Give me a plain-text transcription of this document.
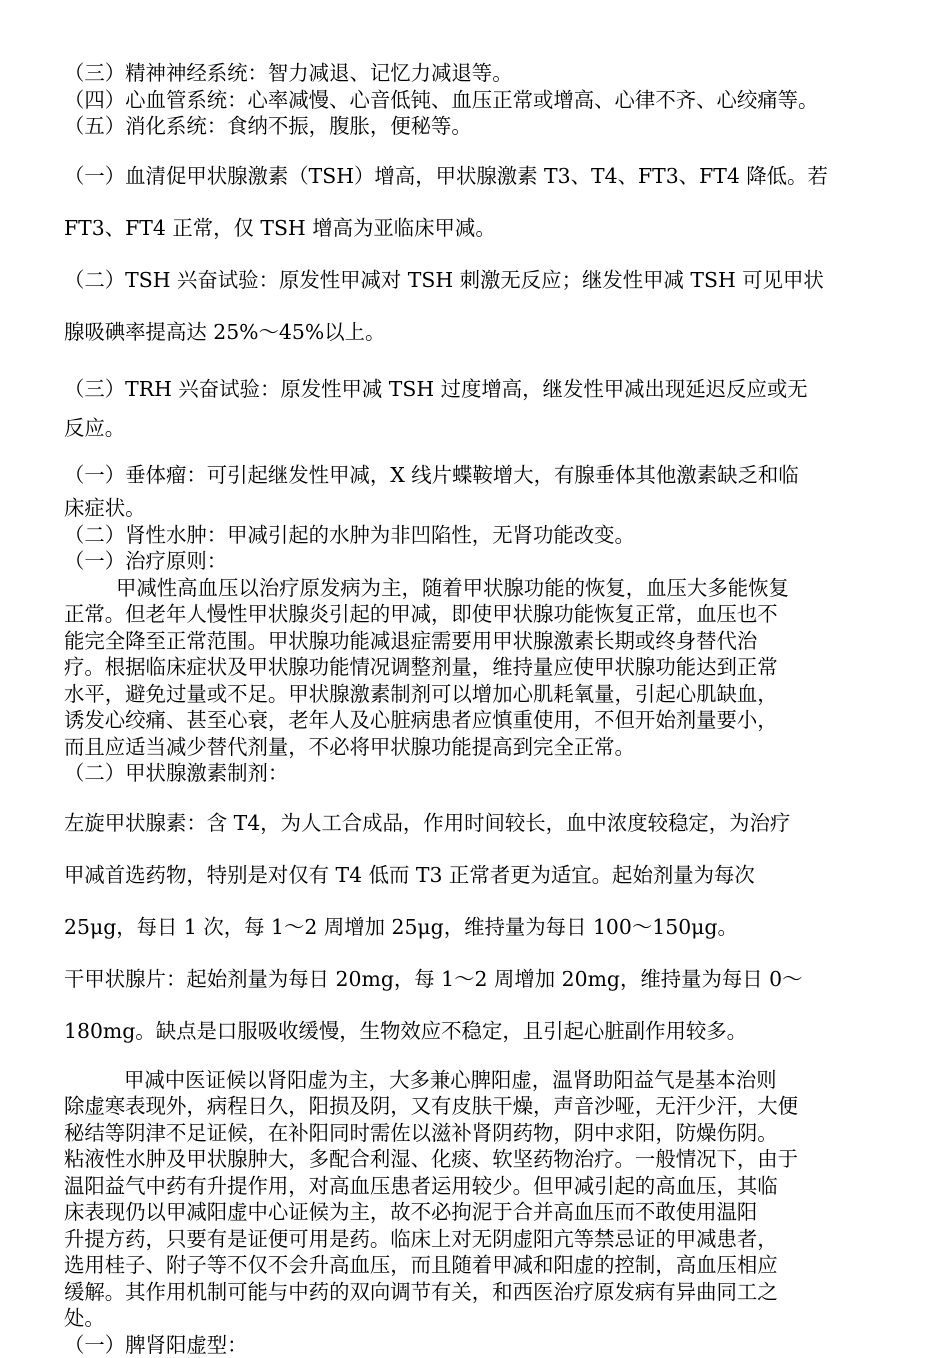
（三）精神神经系统：智力减退、记忆力减退等。

（四）心血管系统：心率减慢、心音低钝、血压正常或增高、心律不齐、心绞痛等。

（五）消化系统：食纳不振，腹胀，便秘等。

（一）血清促甲状腺激素（TSH）增高，甲状腺激素 T3、T4、FT3、FT4 降低。若

FT3、FT4 正常，仅 TSH 增高为亚临床甲减。

（二）TSH 兴奋试验：原发性甲减对 TSH 刺激无反应；继发性甲减 TSH 可见甲状

腺吸碘率提高达 25%～45%以上。

（三）TRH 兴奋试验：原发性甲减 TSH 过度增高，继发性甲减出现延迟反应或无

反应。

（一）垂体瘤：可引起继发性甲减，X 线片蝶鞍增大，有腺垂体其他激素缺乏和临

床症状。

（二）肾性水肿：甲减引起的水肿为非凹陷性，无肾功能改变。

（一）治疗原则：

甲减性高血压以治疗原发病为主，随着甲状腺功能的恢复，血压大多能恢复

正常。但老年人慢性甲状腺炎引起的甲减，即使甲状腺功能恢复正常，血压也不

能完全降至正常范围。甲状腺功能减退症需要用甲状腺激素长期或终身替代治

疗。根据临床症状及甲状腺功能情况调整剂量，维持量应使甲状腺功能达到正常

水平，避免过量或不足。甲状腺激素制剂可以增加心肌耗氧量，引起心肌缺血，

诱发心绞痛、甚至心衰，老年人及心脏病患者应慎重使用，不但开始剂量要小，

而且应适当减少替代剂量，不必将甲状腺功能提高到完全正常。

（二）甲状腺激素制剂：

左旋甲状腺素：含 T4，为人工合成品，作用时间较长，血中浓度较稳定，为治疗

甲减首选药物，特别是对仅有 T4 低而 T3 正常者更为适宜。起始剂量为每次

25μg，每日 1 次，每 1～2 周增加 25μg，维持量为每日 100～150μg。

干甲状腺片：起始剂量为每日 20mg，每 1～2 周增加 20mg，维持量为每日 0～

180mg。缺点是口服吸收缓慢，生物效应不稳定，且引起心脏副作用较多。

甲减中医证候以肾阳虚为主，大多兼心脾阳虚，温肾助阳益气是基本治则

除虚寒表现外，病程日久，阳损及阴，又有皮肤干燥，声音沙哑，无汗少汗，大便

秘结等阴津不足证候，在补阳同时需佐以滋补肾阴药物，阴中求阳，防燥伤阴。

粘液性水肿及甲状腺肿大，多配合利湿、化痰、软坚药物治疗。一般情况下，由于

温阳益气中药有升提作用，对高血压患者运用较少。但甲减引起的高血压，其临

床表现仍以甲减阳虚中心证候为主，故不必拘泥于合并高血压而不敢使用温阳

升提方药，只要有是证便可用是药。临床上对无阴虚阳亢等禁忌证的甲减患者，

选用桂子、附子等不仅不会升高血压，而且随着甲减和阳虚的控制，高血压相应

缓解。其作用机制可能与中药的双向调节有关，和西医治疗原发病有异曲同工之

处。

（一）脾肾阳虚型：
